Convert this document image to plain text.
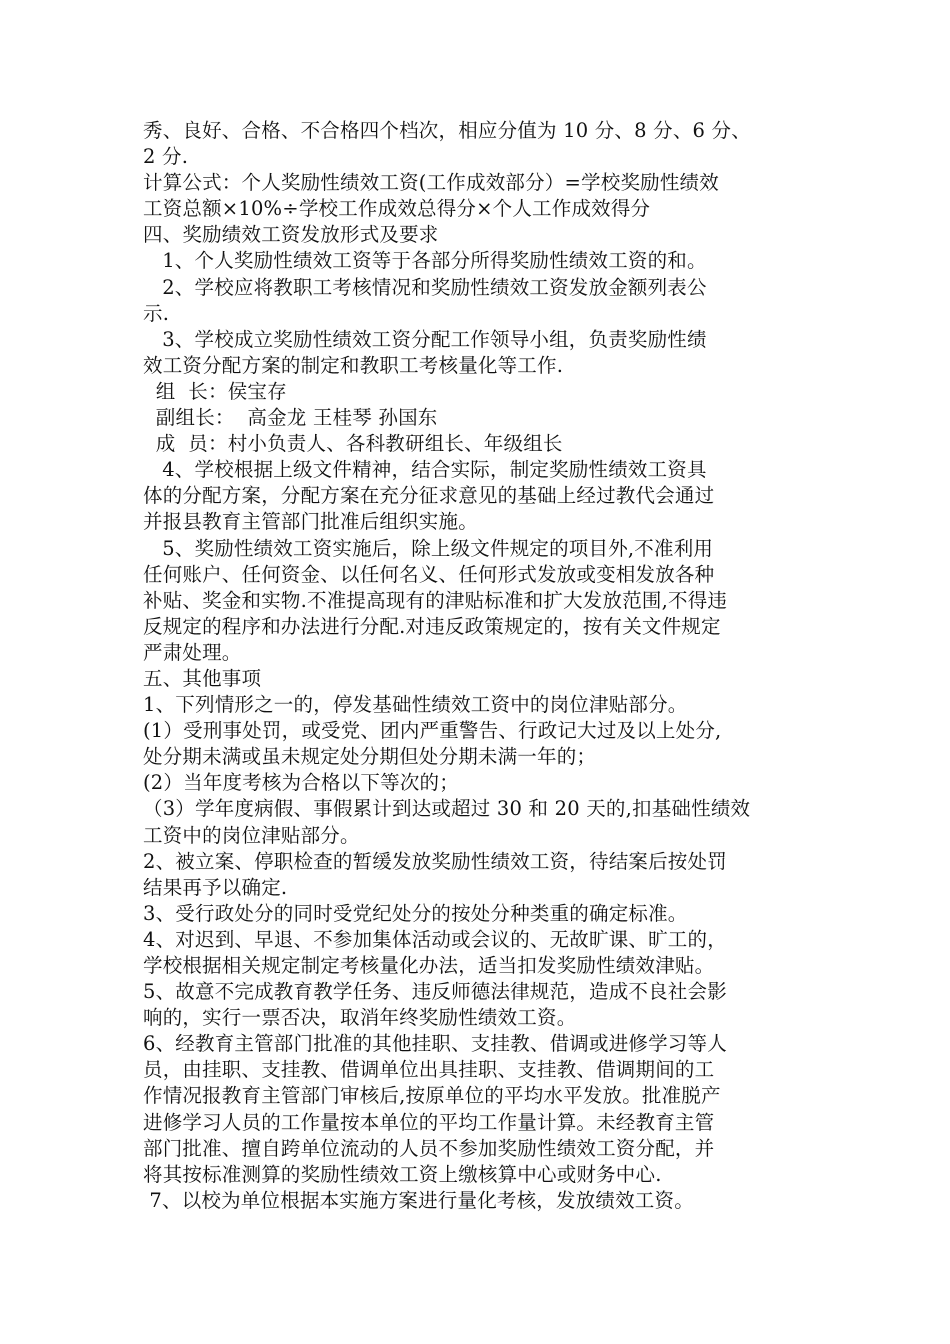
秀、良好、合格、不合格四个档次，相应分值为 10 分、8 分、6 分、
2 分.
计算公式：个人奖励性绩效工资(工作成效部分）=学校奖励性绩效
工资总额×10%÷学校工作成效总得分×个人工作成效得分
四、奖励绩效工资发放形式及要求
1、个人奖励性绩效工资等于各部分所得奖励性绩效工资的和。
2、学校应将教职工考核情况和奖励性绩效工资发放金额列表公
示.
3、学校成立奖励性绩效工资分配工作领导小组，负责奖励性绩
效工资分配方案的制定和教职工考核量化等工作.
组  长：侯宝存
副组长：  高金龙 王桂琴 孙国东
成  员：村小负责人、各科教研组长、年级组长
4、学校根据上级文件精神，结合实际，制定奖励性绩效工资具
体的分配方案，分配方案在充分征求意见的基础上经过教代会通过
并报县教育主管部门批准后组织实施。
5、奖励性绩效工资实施后，除上级文件规定的项目外,不准利用
任何账户、任何资金、以任何名义、任何形式发放或变相发放各种
补贴、奖金和实物.不准提高现有的津贴标准和扩大发放范围,不得违
反规定的程序和办法进行分配.对违反政策规定的，按有关文件规定
严肃处理。
五、其他事项
1、下列情形之一的，停发基础性绩效工资中的岗位津贴部分。
(1）受刑事处罚，或受党、团内严重警告、行政记大过及以上处分,
处分期未满或虽未规定处分期但处分期未满一年的；
(2）当年度考核为合格以下等次的；
（3）学年度病假、事假累计到达或超过 30 和 20 天的,扣基础性绩效
工资中的岗位津贴部分。
2、被立案、停职检查的暂缓发放奖励性绩效工资，待结案后按处罚
结果再予以确定.
3、受行政处分的同时受党纪处分的按处分种类重的确定标准。
4、对迟到、早退、不参加集体活动或会议的、无故旷课、旷工的，
学校根据相关规定制定考核量化办法，适当扣发奖励性绩效津贴。
5、故意不完成教育教学任务、违反师德法律规范，造成不良社会影
响的，实行一票否决，取消年终奖励性绩效工资。
6、经教育主管部门批准的其他挂职、支挂教、借调或进修学习等人
员，由挂职、支挂教、借调单位出具挂职、支挂教、借调期间的工
作情况报教育主管部门审核后,按原单位的平均水平发放。批准脱产
进修学习人员的工作量按本单位的平均工作量计算。未经教育主管
部门批准、擅自跨单位流动的人员不参加奖励性绩效工资分配，并
将其按标准测算的奖励性绩效工资上缴核算中心或财务中心.
7、以校为单位根据本实施方案进行量化考核，发放绩效工资。
